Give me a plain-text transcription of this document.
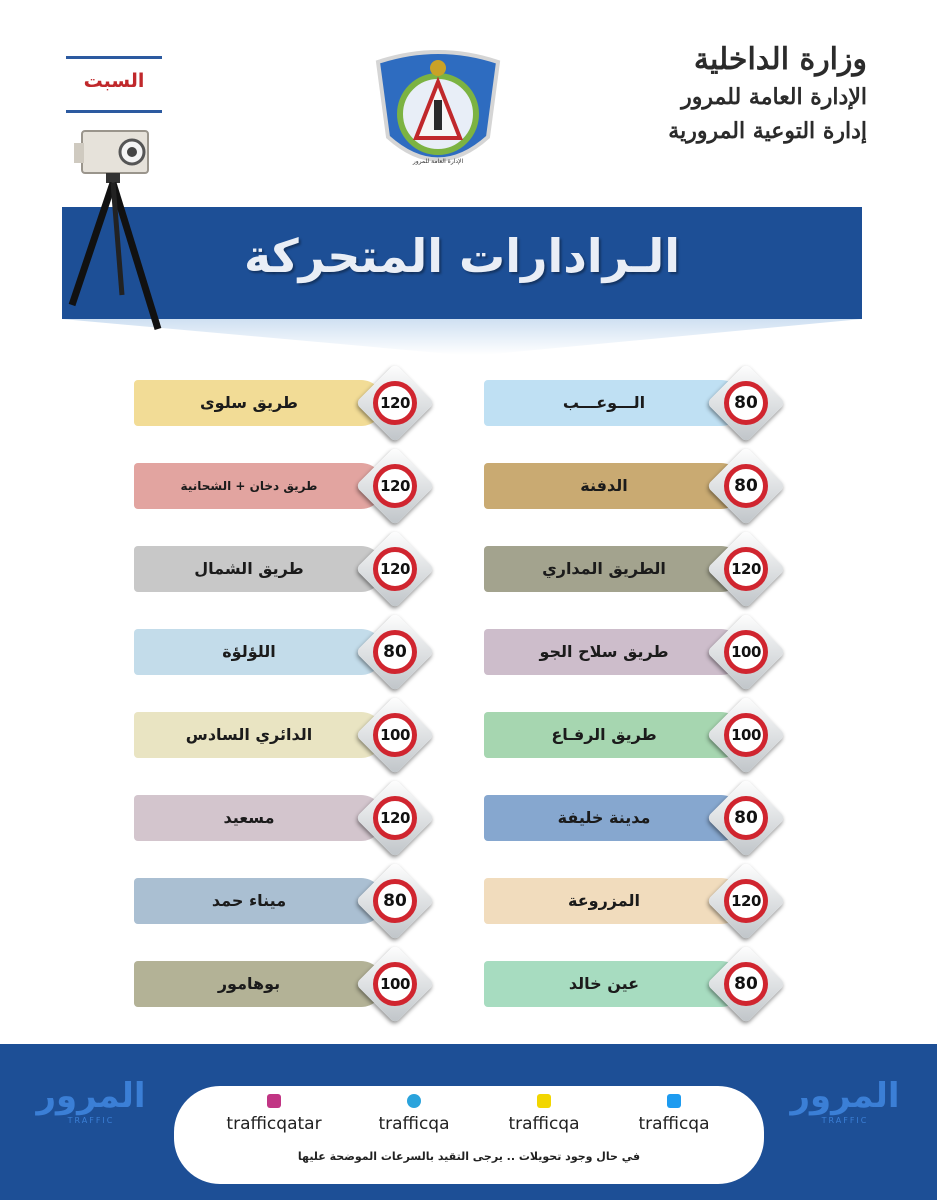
وزارة الداخلية
الإدارة العامة للمرور
إدارة التوعية المرورية
الإدارة العامة للمرور
السبت
الـرادارات المتحركة
الـــوعـــب	80
الدفنة	80
الطريق المداري	120
طريق سلاح الجو	100
طريق الرفـاع	100
مدينة خليفة	80
المزروعة	120
عين خالد	80
طريق سلوى	120
طريق دخان + الشحانية	120
طريق الشمال	120
اللؤلؤة	80
الدائري السادس	100
مسعيد	120
ميناء حمد	80
بوهامور	100
المرور
TRAFFIC
المرور
TRAFFIC
trafficqatar	trafficqa	trafficqa	trafficqa
في حال وجود تحويلات .. يرجى التقيد بالسرعات الموضحة عليها
